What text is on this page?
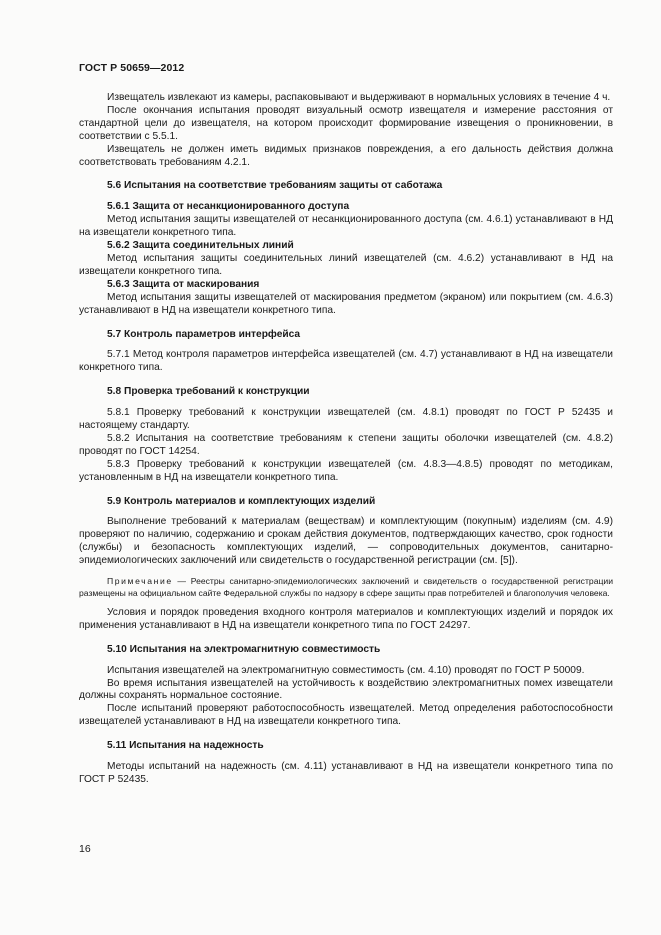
ГОСТ Р 50659—2012

Извещатель извлекают из камеры, распаковывают и выдерживают в нормальных условиях в течение 4 ч.

После окончания испытания проводят визуальный осмотр извещателя и измерение расстояния от стандартной цели до извещателя, на котором происходит формирование извещения о проникновении, в соответствии с 5.5.1.

Извещатель не должен иметь видимых признаков повреждения, а его дальность действия должна соответствовать требованиям 4.2.1.

5.6 Испытания на соответствие требованиям защиты от саботажа

5.6.1 Защита от несанкционированного доступа

Метод испытания защиты извещателей от несанкционированного доступа (см. 4.6.1) устанавливают в НД на извещатели конкретного типа.

5.6.2 Защита соединительных линий

Метод испытания защиты соединительных линий извещателей (см. 4.6.2) устанавливают в НД на извещатели конкретного типа.

5.6.3 Защита от маскирования

Метод испытания защиты извещателей от маскирования предметом (экраном) или покрытием (см. 4.6.3) устанавливают в НД на извещатели конкретного типа.

5.7 Контроль параметров интерфейса

5.7.1 Метод контроля параметров интерфейса извещателей (см. 4.7) устанавливают в НД на извещатели конкретного типа.

5.8 Проверка требований к конструкции

5.8.1 Проверку требований к конструкции извещателей (см. 4.8.1) проводят по ГОСТ Р 52435 и настоящему стандарту.

5.8.2 Испытания на соответствие требованиям к степени защиты оболочки извещателей (см. 4.8.2) проводят по ГОСТ 14254.

5.8.3 Проверку требований к конструкции извещателей (см. 4.8.3—4.8.5) проводят по методикам, установленным в НД на извещатели конкретного типа.

5.9 Контроль материалов и комплектующих изделий

Выполнение требований к материалам (веществам) и комплектующим (покупным) изделиям (см. 4.9) проверяют по наличию, содержанию и срокам действия документов, подтверждающих качество, срок годности (службы) и безопасность комплектующих изделий, — сопроводительных документов, санитарно-эпидемиологических заключений или свидетельств о государственной регистрации (см. [5]).

Примечание — Реестры санитарно-эпидемиологических заключений и свидетельств о государственной регистрации размещены на официальном сайте Федеральной службы по надзору в сфере защиты прав потребителей и благополучия человека.

Условия и порядок проведения входного контроля материалов и комплектующих изделий и порядок их применения устанавливают в НД на извещатели конкретного типа по ГОСТ 24297.

5.10 Испытания на электромагнитную совместимость

Испытания извещателей на электромагнитную совместимость (см. 4.10) проводят по ГОСТ Р 50009.

Во время испытания извещателей на устойчивость к воздействию электромагнитных помех извещатели должны сохранять нормальное состояние.

После испытаний проверяют работоспособность извещателей. Метод определения работоспособности извещателей устанавливают в НД на извещатели конкретного типа.

5.11 Испытания на надежность

Методы испытаний на надежность (см. 4.11) устанавливают в НД на извещатели конкретного типа по ГОСТ Р 52435.

16
